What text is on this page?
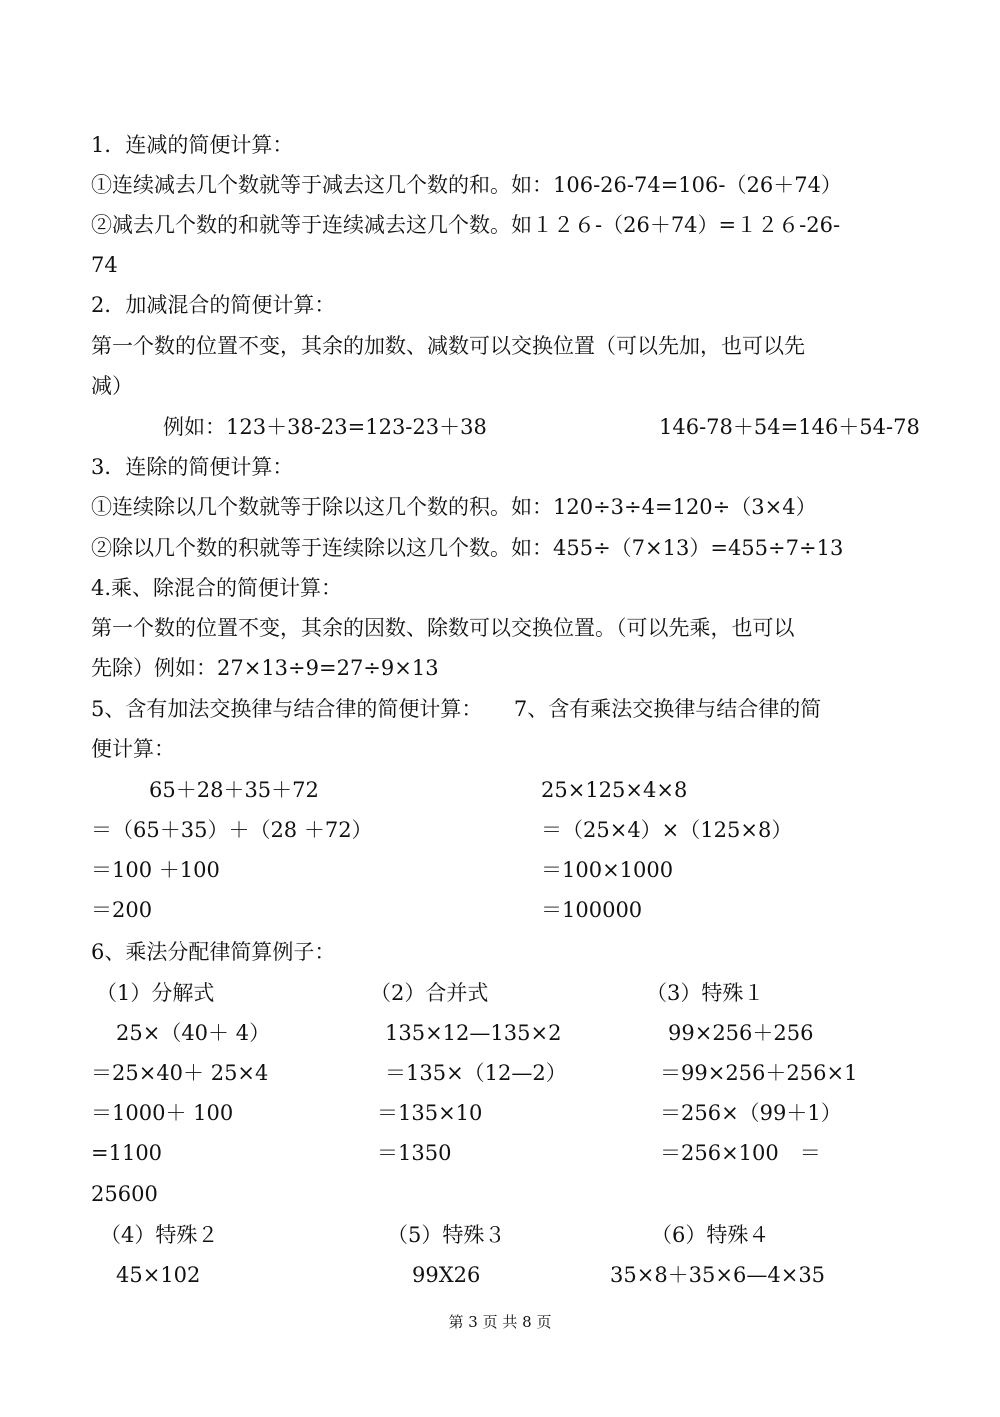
1．连减的简便计算：
①连续减去几个数就等于减去这几个数的和。如：106-26-74=106-（26＋74）
②减去几个数的和就等于连续减去这几个数。如１２６-（26＋74）=１２６-26-
74
2．加减混合的简便计算：
第一个数的位置不变，其余的加数、减数可以交换位置（可以先加，也可以先
减）
例如：123＋38-23=123-23＋38	146-78＋54=146＋54-78
3．连除的简便计算：
①连续除以几个数就等于除以这几个数的积。如：120÷3÷4=120÷（3×4）
②除以几个数的积就等于连续除以这几个数。如：455÷（7×13）=455÷7÷13
4.乘、除混合的简便计算：
第一个数的位置不变，其余的因数、除数可以交换位置。（可以先乘，也可以
先除）例如：27×13÷9=27÷9×13
5、含有加法交换律与结合律的简便计算：　　7、含有乘法交换律与结合律的简
便计算：
65＋28＋35＋72
＝（65＋35）＋（28 ＋72）
＝100 ＋100
＝200
25×125×4×8
＝（25×4）×（125×8）
＝100×1000
＝100000
6、乘法分配律简算例子：
（1）分解式
25×（40＋ 4）
＝25×40＋ 25×4
＝1000＋ 100
=1100
（2）合并式
135×12—135×2
＝135×（12—2）
＝135×10
＝1350
（3）特殊１
99×256＋256
＝99×256＋256×1
＝256×（99＋1）
＝256×100　＝
25600
（4）特殊２	（5）特殊３	（6）特殊４
45×102	99X26	35×8＋35×6—4×35
第 3 页 共 8 页
